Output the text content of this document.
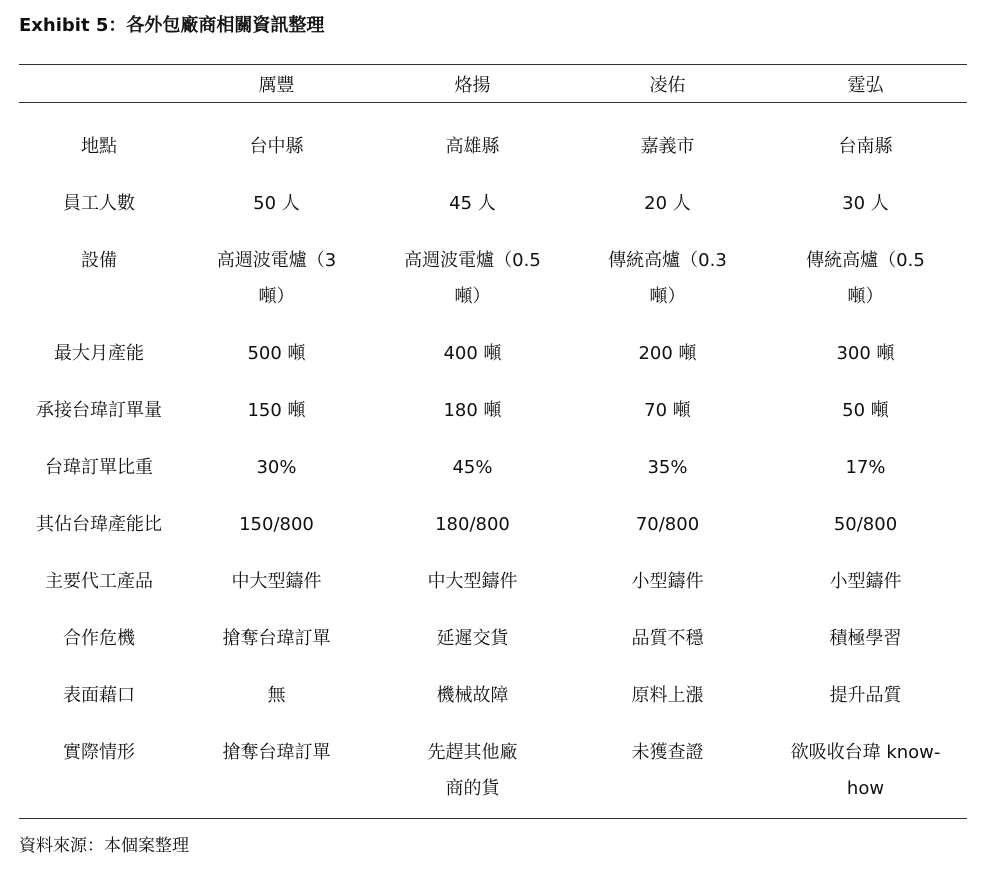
Exhibit 5：各外包廠商相關資訊整理
	厲豐	烙揚	凌佑	霆弘
地點	台中縣	高雄縣	嘉義市	台南縣
員工人數	50 人	45 人	20 人	30 人
設備	高週波電爐（3 噸）	高週波電爐（0.5 噸）	傳統高爐（0.3 噸）	傳統高爐（0.5 噸）

最大月產能	500 噸	400 噸	200 噸	300 噸
承接台瑋訂單量	150 噸	180 噸	70 噸	50 噸
台瑋訂單比重	30%	45%	35%	17%
其佔台瑋產能比	150/800	180/800	70/800	50/800
主要代工產品	中大型鑄件	中大型鑄件	小型鑄件	小型鑄件
合作危機	搶奪台瑋訂單	延遲交貨	品質不穩	積極學習
表面藉口	無	機械故障	原料上漲	提升品質
實際情形	搶奪台瑋訂單	先趕其他廠商的貨	未獲查證	欲吸收台瑋 know-how
資料來源：本個案整理
